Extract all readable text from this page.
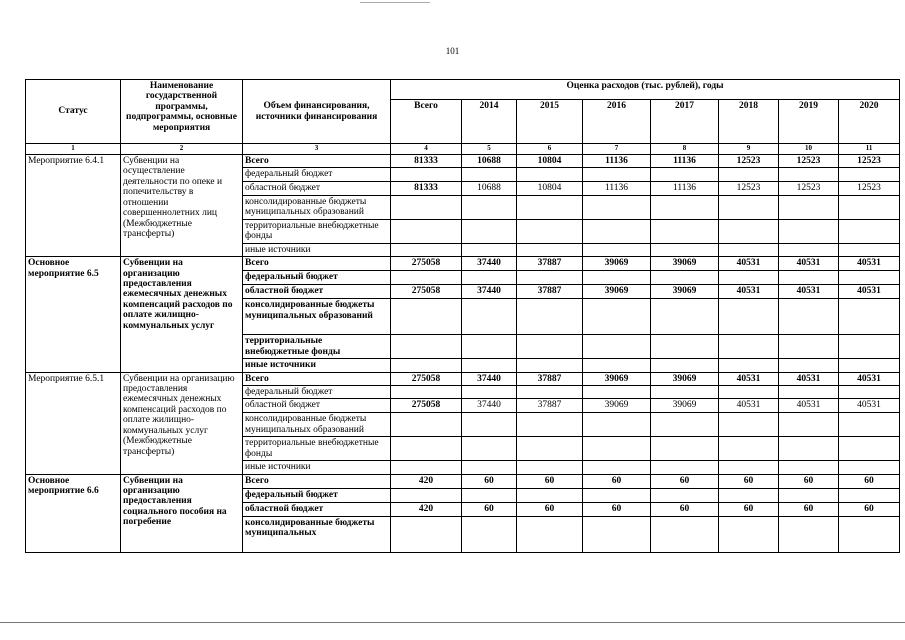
101
Статус	Наименование государственной программы, подпрограммы, основные мероприятия	Объем финансирования, источники финансирования	Оценка расходов (тыс. рублей), годы							
			Всего	2014	2015	2016	2017	2018	2019	2020
1	2	3	4	5	6	7	8	9	10	11
Мероприятие 6.4.1	Субвенции на осуществление деятельности по опеке и попечительству в отношении совершеннолетних лиц (Межбюджетные трансферты)	Всего	81333	10688	10804	11136	11136	12523	12523	12523
		федеральный бюджет								
		областной бюджет	81333	10688	10804	11136	11136	12523	12523	12523
		консолидированные бюджеты муниципальных образований								
		территориальные внебюджетные фонды								
		иные источники								
Основное мероприятие 6.5	Субвенции на организацию предоставления ежемесячных денежных компенсаций расходов по оплате жилищно-коммунальных услуг	Всего	275058	37440	37887	39069	39069	40531	40531	40531
		федеральный бюджет								
		областной бюджет	275058	37440	37887	39069	39069	40531	40531	40531
		консолидированные бюджеты муниципальных образований								
		территориальные внебюджетные фонды								
		иные источники								
Мероприятие 6.5.1	Субвенции на организацию предоставления ежемесячных денежных компенсаций расходов по оплате жилищно-коммунальных услуг (Межбюджетные трансферты)	Всего	275058	37440	37887	39069	39069	40531	40531	40531
		федеральный бюджет								
		областной бюджет	275058	37440	37887	39069	39069	40531	40531	40531
		консолидированные бюджеты муниципальных образований								
		территориальные внебюджетные фонды								
		иные источники								
Основное мероприятие 6.6	Субвенции на организацию предоставления социального пособия на погребение	Всего	420	60	60	60	60	60	60	60
		федеральный бюджет								
		областной бюджет	420	60	60	60	60	60	60	60
		консолидированные бюджеты муниципальных								
